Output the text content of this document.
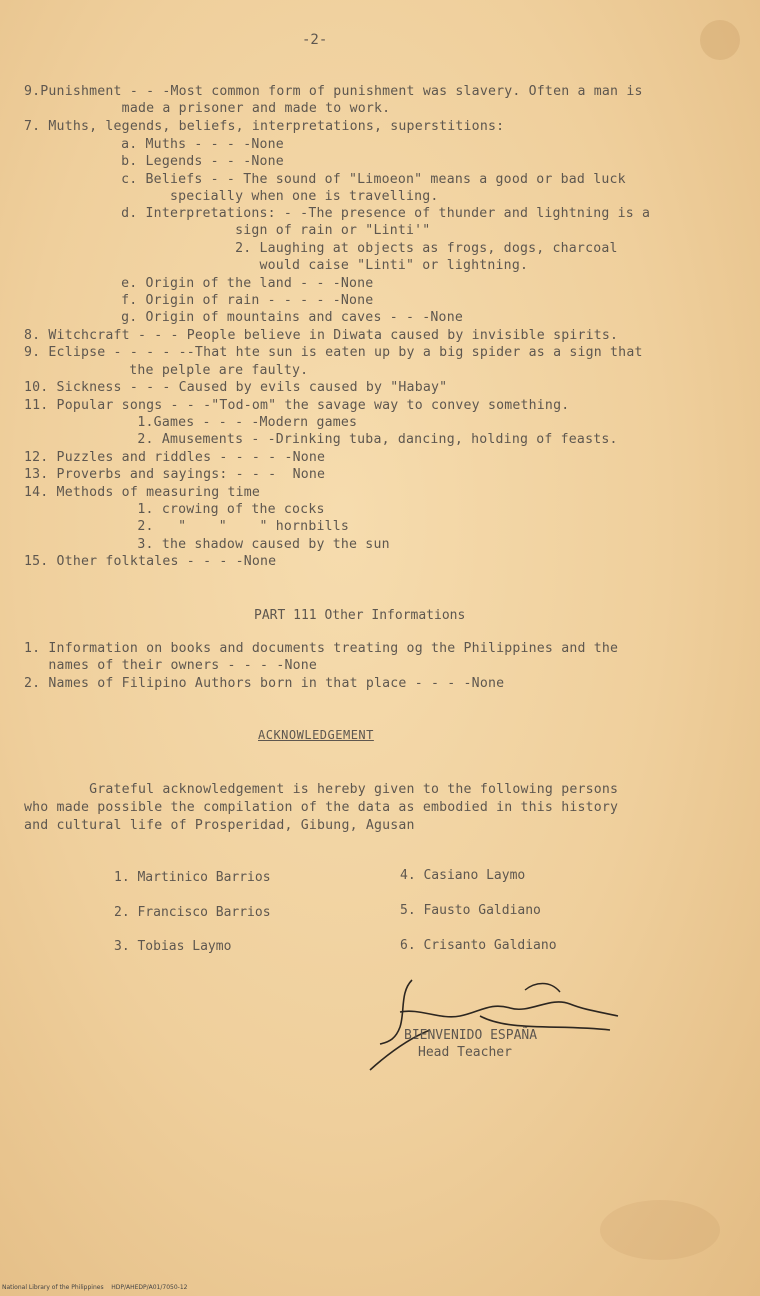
-2-
9.Punishment - - -Most common form of punishment was slavery. Often a man is
made a prisoner and made to work.
7. Muths, legends, beliefs, interpretations, superstitions:
a. Muths - - - -None
b. Legends - - -None
c. Beliefs - - The sound of "Limoeon" means a good or bad luck
specially when one is travelling.
d. Interpretations: - -The presence of thunder and lightning is a
sign of rain or "Linti'"
2. Laughing at objects as frogs, dogs, charcoal
would caise "Linti" or lightning.
e. Origin of the land - - -None
f. Origin of rain - - - - -None
g. Origin of mountains and caves - - -None
8. Witchcraft - - - People believe in Diwata caused by invisible spirits.
9. Eclipse - - - - --That hte sun is eaten up by a big spider as a sign that
the pelple are faulty.
10. Sickness - - - Caused by evils caused by "Habay"
11. Popular songs - - -"Tod-om" the savage way to convey something.
1.Games - - - -Modern games
2. Amusements - -Drinking tuba, dancing, holding of feasts.
12. Puzzles and riddles - - - - -None
13. Proverbs and sayings: - - -  None
14. Methods of measuring time
1. crowing of the cocks
2.   "    "    " hornbills
3. the shadow caused by the sun
15. Other folktales - - - -None
PART 111 Other Informations
1. Information on books and documents treating og the Philippines and the
names of their owners - - - -None
2. Names of Filipino Authors born in that place - - - -None
ACKNOWLEDGEMENT
Grateful acknowledgement is hereby given to the following persons
who made possible the compilation of the data as embodied in this history
and cultural life of Prosperidad, Gibung, Agusan
1. Martinico Barrios
2. Francisco Barrios
3. Tobias Laymo
4. Casiano Laymo
5. Fausto Galdiano
6. Crisanto Galdiano
BIENVENIDO ESPAÑA
Head Teacher
National Library of the Philippines    HDP/AHEDP/A01/7050-12
